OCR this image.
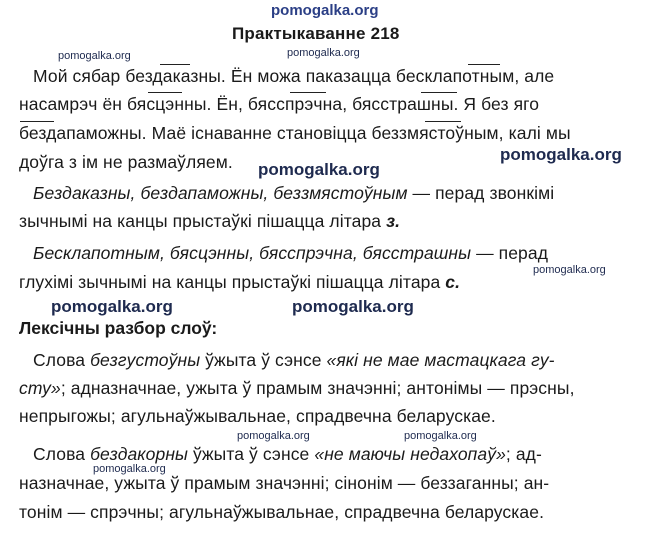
pomogalka.org
pomogalka.org	pomogalka.org
pomogalka.org
pomogalka.org
pomogalka.org
pomogalka.org	pomogalka.org
pomogalka.org	pomogalka.org
pomogalka.org
Практыкаванне 218
Мой сябар бездаказны. Ён можа паказацца бесклапотным, але
насамрэч ён бясцэнны. Ён, бясспрэчна, бясстрашны. Я без яго
бездапаможны. Маё існаванне становіцца беззмястоўным, калі мы
доўга з ім не размаўляем.
Бездаказны, бездапаможны, беззмястоўным — перад звонкімі
зычнымі на канцы прыстаўкі пішацца літара з.
Бесклапотным, бясцэнны, бясспрэчна, бясстрашны — перад
глухімі зычнымі на канцы прыстаўкі пішацца літара с.
Лексічны разбор слоў:
Слова безгустоўны ўжыта ў сэнсе «які не мае мастацкага гу-
сту»; адназначнае, ужыта ў прамым значэнні; антонімы — прэсны,
непрыгожы; агульнаўжывальнае, спрадвечна беларускае.
Слова бездакорны ўжыта ў сэнсе «не маючы недахопаў»; ад-
назначнае, ужыта ў прамым значэнні; сінонім — беззаганны; ан-
тонім — спрэчны; агульнаўжывальнае, спрадвечна беларускае.
